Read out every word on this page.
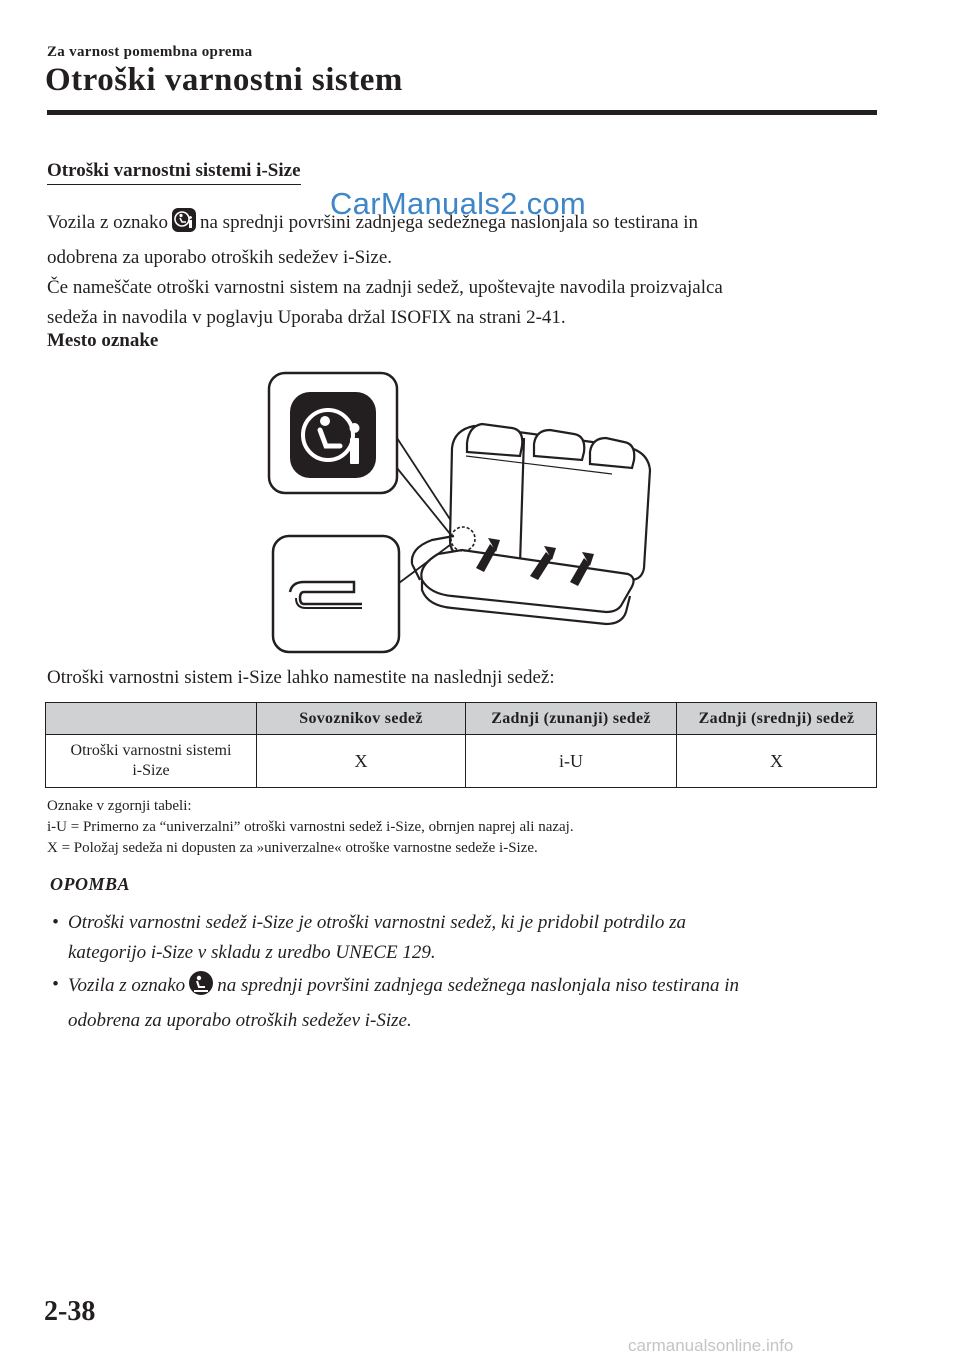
Za varnost pomembna oprema
Otroški varnostni sistem
Otroški varnostni sistemi i-Size
Vozila z oznako na sprednji površini zadnjega sedežnega naslonjala so testirana in
odobrena za uporabo otroških sedežev i-Size.
Če nameščate otroški varnostni sistem na zadnji sedež, upoštevajte navodila proizvajalca
sedeža in navodila v poglavju Uporaba držal ISOFIX na strani 2-41.
CarManuals2.com
Mesto oznake
Otroški varnostni sistem i-Size lahko namestite na naslednji sedež:
	Sovoznikov sedež	Zadnji (zunanji) sedež	Zadnji (srednji) sedež
Otroški varnostni sistemi
i-Size	X	i-U	X
Oznake v zgornji tabeli:
i-U = Primerno za “univerzalni” otroški varnostni sedež i-Size, obrnjen naprej ali nazaj.
X = Položaj sedeža ni dopusten za »univerzalne« otroške varnostne sedeže i-Size.
OPOMBA
• Otroški varnostni sedež i-Size je otroški varnostni sedež, ki je pridobil potrdilo za
kategorijo i-Size v skladu z uredbo UNECE 129.
• Vozila z oznako na sprednji površini zadnjega sedežnega naslonjala niso testirana in
odobrena za uporabo otroških sedežev i-Size.
2-38
carmanualsonline.info
